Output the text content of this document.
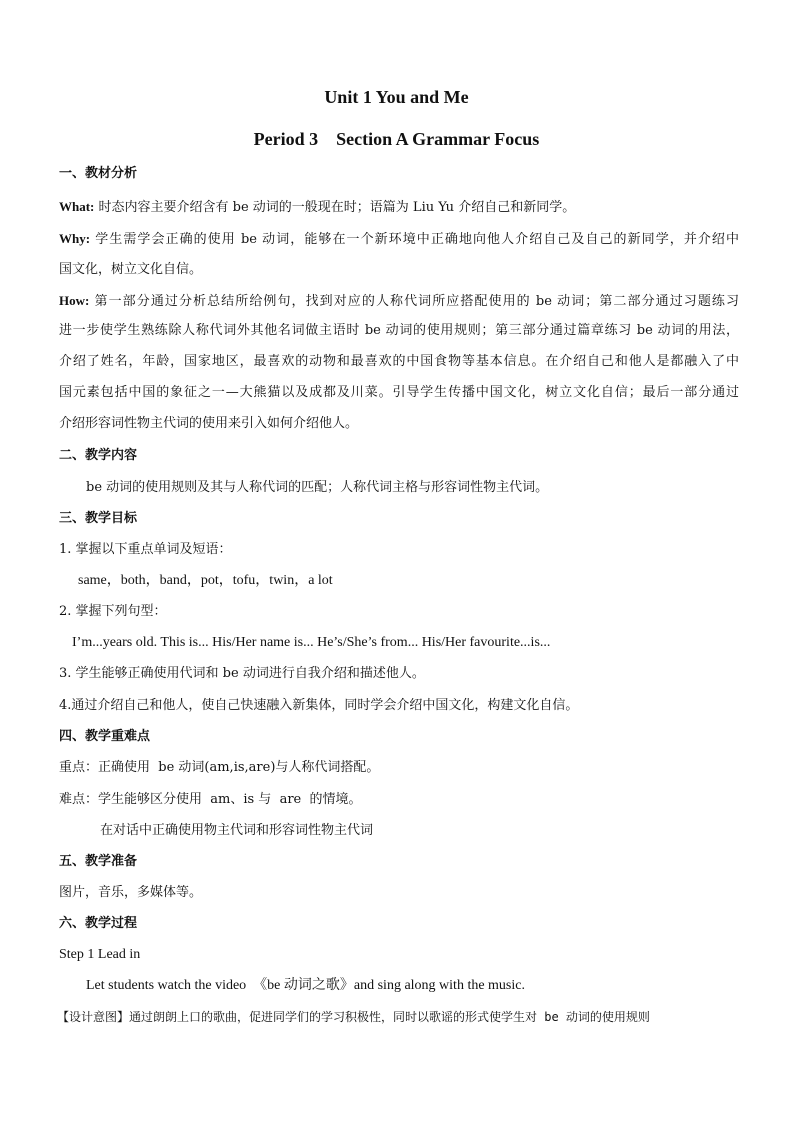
Unit 1 You and Me
Period 3    Section A Grammar Focus
一、教材分析
What: 时态内容主要介绍含有 be 动词的一般现在时；语篇为 Liu Yu 介绍自己和新同学。
Why: 学生需学会正确的使用 be 动词，能够在一个新环境中正确地向他人介绍自己及自己的新同学，并介绍中
国文化，树立文化自信。
How: 第一部分通过分析总结所给例句，找到对应的人称代词所应搭配使用的 be 动词；第二部分通过习题练习
进一步使学生熟练除人称代词外其他名词做主语时 be 动词的使用规则；第三部分通过篇章练习 be 动词的用法，
介绍了姓名，年龄，国家地区，最喜欢的动物和最喜欢的中国食物等基本信息。在介绍自己和他人是都融入了中
国元素包括中国的象征之一—大熊猫以及成都及川菜。引导学生传播中国文化，树立文化自信；最后一部分通过
介绍形容词性物主代词的使用来引入如何介绍他人。
二、教学内容
be 动词的使用规则及其与人称代词的匹配；人称代词主格与形容词性物主代词。
三、教学目标
1. 掌握以下重点单词及短语：
same，both，band，pot，tofu，twin，a lot
2. 掌握下列句型：
I’m...years old. This is... His/Her name is... He’s/She’s from... His/Her favourite...is...
3. 学生能够正确使用代词和 be 动词进行自我介绍和描述他人。
4.通过介绍自己和他人，使自己快速融入新集体，同时学会介绍中国文化，构建文化自信。
四、教学重难点
重点：正确使用  be 动词(am,is,are)与人称代词搭配。
难点：学生能够区分使用  am、is 与  are  的情境。
在对话中正确使用物主代词和形容词性物主代词
五、教学准备
图片，音乐，多媒体等。
六、教学过程
Step 1 Lead in
Let students watch the video  《be 动词之歌》and sing along with the music.
【设计意图】通过朗朗上口的歌曲，促进同学们的学习积极性，同时以歌谣的形式使学生对 be 动词的使用规则
